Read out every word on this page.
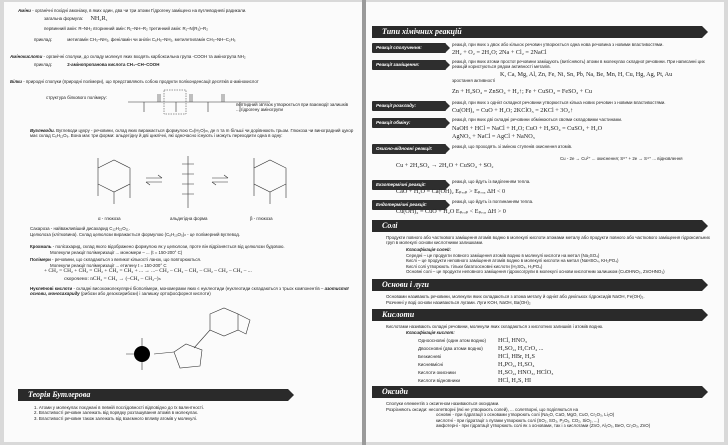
Аміни - органічні похідні амоніаку, в яких один, два чи три атоми Гідрогену заміщено на вуглеводневі радикали.
загальна формула: NH₂R₁
первинний амін: R–NH₂ вторинний амін: R₁–NH–R₂ третинний амін: R₁–N(R₃)–R₂
приклад:	метиламін CH₃–NH₂, феніламін чи анілін C₆H₅–NH₂, метилетиламін CH₃–NH–C₂H₅
Амінокислоти - органічні сполуки, до складу молекул яких входять карбоксильна група -COOH та аміногрупа NH₂
приклад:	2-амінопропанова кислота CH₃–CH–COOH
Білки - природні сполуки (природні полімери), що представляють собою продукти поліконденсації десятків α-амінокислот
структура білкового полімеру:
пептидний зв’язок утворюється при взаємодії залишків ... гідрогену аміногрупи
Вуглеводи. Вуглеводи цукру - речовини, склад яких виражається формулою Cₙ(H₂O)ₘ, де n та m більші чи дорівнюють трьом. Глюкоза чи виноградний цукор має склад C₆H₁₂O₆. Вона має три форми: альдегідну й дві циклічні, які одночасно існують і можуть переходити одна в одну:
α - глюкоза	альдегідна форма	β - глюкоза
Сахароза - найважливіший дисахарид C₁₂H₂₂O₁₁.
Целюлоза (клітковина). Склад целюлози виражається формулою (C₆H₁₀O₅)ₙ - це полімерний вуглевод.
Крохмаль - полісахарид, склад якого відображено формулою як у целюлози, проте він відрізняється від целюлози будовою.
Молекули реакції полімеризації ... мономери – ... (t = 150-200° C)
Полімери - речовини, що складаються з великої кількості ланок, що повторюються.
Молекули реакції полімеризації ... етилену t = 150-200° C
+ CH₂ = CH₂ + CH₂ = CH₂ + CH₂ = CH₂ + ... → ...– CH₂ – CH₂ – CH₂ – CH₂ – CH₂ – CH₂ – ...
скорочено: nCH₂ = CH₂ → (–CH₂ – CH₂–)ₙ
Нуклеїнові кислоти - складні високомолекулярні біополімери, мономерами яких є нуклеотиди (нуклеотиди складаються з трьох компонентів – азотистої основи, моносахариду (рибози або дезоксирибози) і залишку ортофосфорної кислоти)
Теорія Бутлерова
1. Атоми у молекулах поєднані в певній послідовності відповідно до їх валентності.
2. Властивості речовин залежать від порядку розташування атомів в молекулах.
3. Властивості речовин також залежать від взаємного впливу атомів у молекулі.
Типи хімічних реакцій
Реакції сполучення:
реакції, при яких з двох або кількох речовин утворюється одна нова речовина з новими властивостями.
2H₂ + O₂ = 2H₂O; 2Na + Cl₂ = 2NaCl
Реакції заміщення:
реакції, при яких атоми простої речовини заміщують (витісняють) атоми в молекулах складної речовини. При написанні цих реакцій користуються рядом активності металів.
зростання активності
K, Ca, Mg, Al, Zn, Fe, Ni, Sn, Pb, Na, Be, Mn, H, Cu, Hg, Ag, Pt, Au
Zn + H₂SO₄ = ZnSO₄ + H₂↑; Fe + CuSO₄ = FeSO₄ + Cu
Реакції розкладу:
реакції, при яких з однієї складної речовини утворюється кілька нових речовин з новими властивостями.
Cu(OH)₂ = CuO + H₂O; 2KClO₃ = 2KCl + 3O₂↑
Реакції обміну:
реакції, при яких дві складні речовини обмінюються своїми складовими частинами.
NaOH + HCl = NaCl + H₂O; CuO + H₂SO₄ = CuSO₄ + H₂O
AgNO₃ + NaCl = AgCl + NaNO₃
Окисно-відновні реакції:	реакції, що проходять зі зміною ступенів окиснення атомів.
Cu + 2H₂SO₄ → 2H₂O + CuSO₄ + SO₂
Cu - 2e → Cu²⁺ ... окиснення; S⁶⁺ + 2e → S⁴⁺ ... відновлення
Екзотермічні реакції:
реакції, що йдуть із виділенням тепла.
CaO + H₂O = Ca(OH)₂ Eₚᵣₒₚ > Eₚᵣₒₐ ΔH < 0
Ендотермічні реакції:
реакції, що йдуть із поглинанням тепла.
Cu(OH)₂ = CuO + H₂O Eₚᵣₒₚ < Eₚᵣₒₐ ΔH > 0
Солі
Продукти повного або часткового заміщення атомів водню в молекулі кислоти атомами металу або продукти повного або часткового заміщення гідроксильних груп в молекулі основи кислотними залишками.
Класифікація солей:
Середні – це продукти повного заміщення атомів водню в молекулі кислоти на метал (Na₂SO₄)
Кислі – це продукти неповного заміщення атомів водню в молекулі кислоти на метал (NaHSO₄, KH₂PO₄)
Кислі солі утворюють тільки багатоосновні кислоти (H₂SO₄, H₃PO₄)
Основні солі – це продукти неповного заміщення гідроксогрупи в молекулі основи кислотним залишком (CuOHNO₃, ZnOHNO₃)
Основи і луги
Основами називають речовини, молекули яких складаються з атома металу й однієї або декількох гідроксидів NaOH, Fe(OH)₂.
Розчинні у воді основи називаються лугами. Луги KOH, NaOH, Ba(OH)₂
Кислоти
Кислотами називають складні речовини, молекули яких складаються з кислотних залишків і атомів водню.
Класифікація кислот:
Одноосновні (один атом водню) HCl, HNO₃
Двоосновні (два атоми водню) H₂SO₄, H₂CrO₄ ...
Безкисневі	HCl, HBr, H₂S
Кисневмісні	H₃PO₄, H₂SO₄
Кислоти окисники	H₂SO₄, HNO₃, HClO₃
Кислоти відновники	HCl, H₂S, HI
Оксиди
Сполуки елементів з оксигеном називаються оксидами.
Розрізняють оксиди: несолетворні (які не утворюють солей), ... солетворні, що поділяються на
основні - при гідратації з основами утворюють солі (Na₂O, CaO, MgO, CuO, Cr₂O₃, Li₂O)
кислотні - при гідратації з лугами утворюють солі (SO₂, SO₃, P₂O₅, CO₂, SiO₂, ...)
амфотерні - при гідратації утворюють солі як з основами, так і з кислотами (ZnO, Al₂O₃, BeO, Cr₂O₃, ZnO)
